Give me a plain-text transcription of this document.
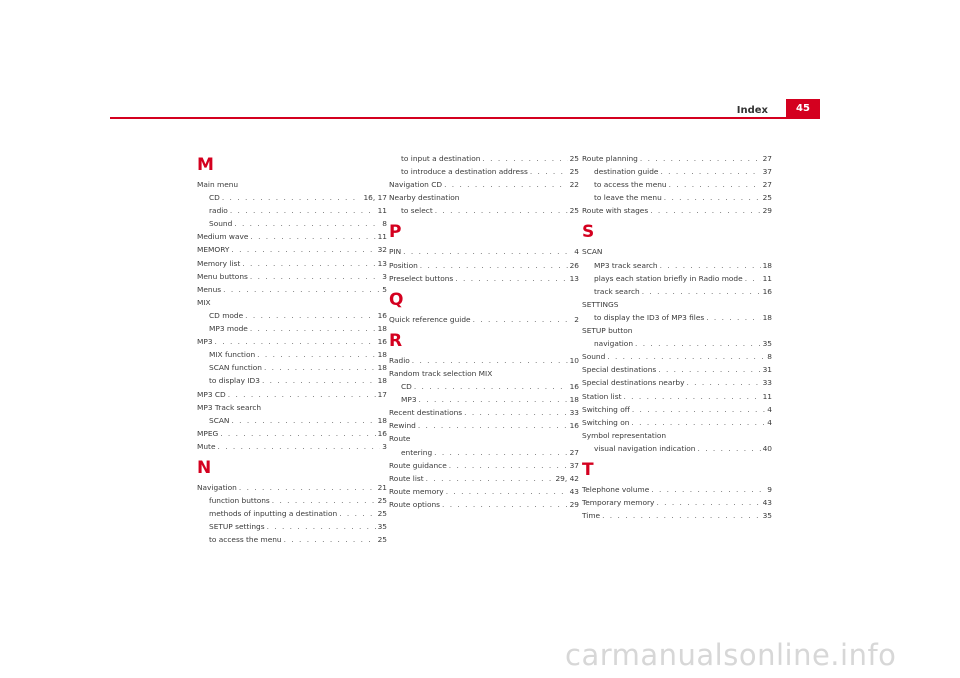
Index	45
M
Main menu
CD . . .	16, 17
radio . . .	11
Sound . . .	8
Medium wave . . .	11
MEMORY . . .	32
Memory list . . .	13
Menu buttons . . .	3
Menus . . .	5
MIX
CD mode . . .	16
MP3 mode . . .	18
MP3 . . .	16
MIX function . . .	18
SCAN function . . .	18
to display ID3 . . .	18
MP3 CD . . .	17
MP3 Track search
SCAN . . .	18
MPEG . . .	16
Mute . . .	3
N
Navigation . . .	21
function buttons . . .	25
methods of inputting a destination . . .	25
SETUP settings . . .	35
to access the menu . . .	25
to input a destination . . .	25
to introduce a destination address . . .	25
Navigation CD . . .	22
Nearby destination
to select . . .	25
P
PIN . . .	4
Position . . .	26
Preselect buttons . . .	13
Q
Quick reference guide . . .	2
R
Radio . . .	10
Random track selection MIX
CD . . .	16
MP3 . . .	18
Recent destinations . . .	33
Rewind . . .	16
Route
entering . . .	27
Route guidance . . .	37
Route list . . .	29, 42
Route memory . . .	43
Route options . . .	29
Route planning . . .	27
destination guide . . .	37
to access the menu . . .	27
to leave the menu . . .	25
Route with stages . . .	29
S
SCAN
MP3 track search . . .	18
plays each station briefly in Radio mode . . .	11
track search . . .	16
SETTINGS
to display the ID3 of MP3 files . . .	18
SETUP button
navigation . . .	35
Sound . . .	8
Special destinations . . .	31
Special destinations nearby . . .	33
Station list . . .	11
Switching off . . .	4
Switching on . . .	4
Symbol representation
visual navigation indication . . .	40
T
Telephone volume . . .	9
Temporary memory . . .	43
Time . . .	35
carmanualsonline.info
